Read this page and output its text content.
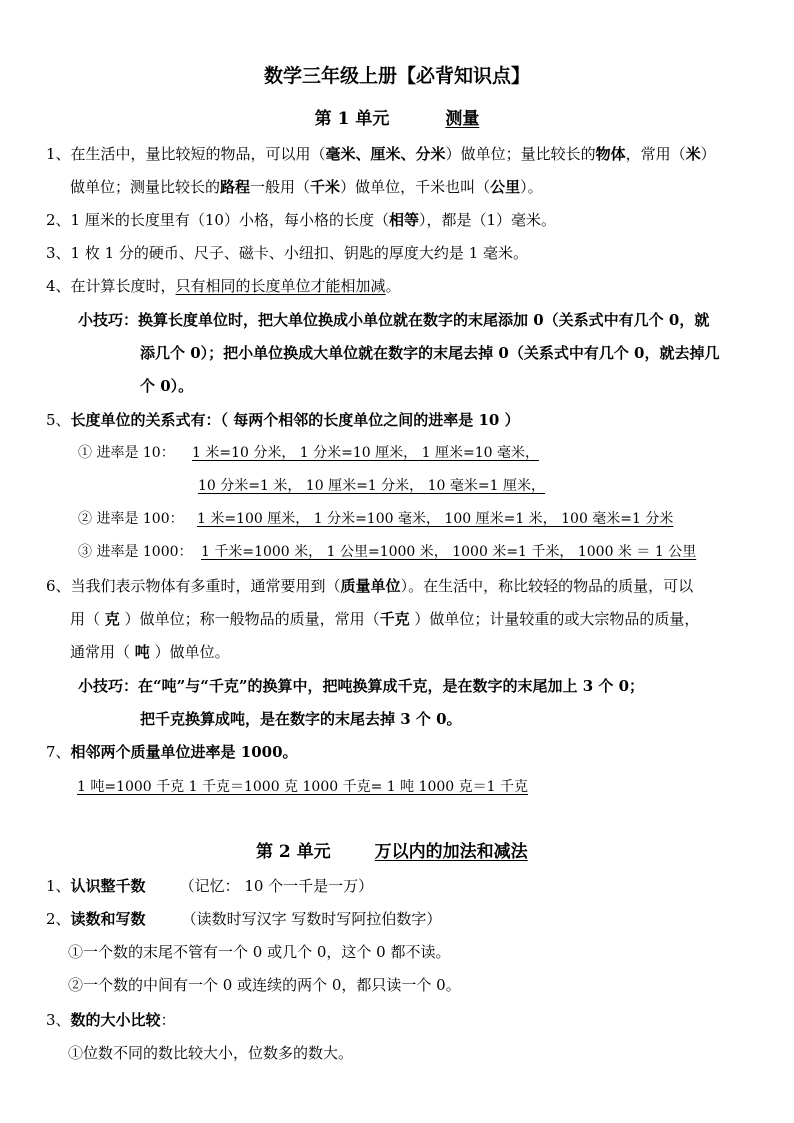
数学三年级上册【必背知识点】
第 1 单元	测量
1、在生活中，量比较短的物品，可以用（毫米、厘米、分米）做单位；量比较长的物体，常用（米）
做单位；测量比较长的路程一般用（千米）做单位，千米也叫（公里）。
2、1 厘米的长度里有（10）小格，每小格的长度（相等），都是（1）毫米。
3、1 枚 1 分的硬币、尺子、磁卡、小纽扣、钥匙的厚度大约是 1 毫米。
4、在计算长度时，只有相同的长度单位才能相加减。
小技巧：换算长度单位时，把大单位换成小单位就在数字的末尾添加 0（关系式中有几个 0，就
添几个 0）；把小单位换成大单位就在数字的末尾去掉 0（关系式中有几个 0，就去掉几
个 0）。
5、长度单位的关系式有：（ 每两个相邻的长度单位之间的进率是 10 ）
① 进率是 10： 1 米=10 分米， 1 分米=10 厘米， 1 厘米=10 毫米，
10 分米=1 米， 10 厘米=1 分米， 10 毫米=1 厘米，
② 进率是 100： 1 米=100 厘米， 1 分米=100 毫米， 100 厘米=1 米， 100 毫米=1 分米
③ 进率是 1000： 1 千米=1000 米， 1 公里=1000 米， 1000 米=1 千米， 1000 米 ＝ 1 公里
6、当我们表示物体有多重时，通常要用到（质量单位）。在生活中，称比较轻的物品的质量，可以
用（ 克 ）做单位；称一般物品的质量，常用（千克 ）做单位；计量较重的或大宗物品的质量，
通常用（ 吨 ）做单位。
小技巧：在“吨”与“千克”的换算中，把吨换算成千克，是在数字的末尾加上 3 个 0；
把千克换算成吨，是在数字的末尾去掉 3 个 0。
7、相邻两个质量单位进率是 1000。
1 吨=1000 千克 1 千克＝1000 克 1000 千克= 1 吨 1000 克＝1 千克
第 2 单元	万以内的加法和减法
1、认识整千数 （记忆： 10 个一千是一万）
2、读数和写数 （读数时写汉字 写数时写阿拉伯数字）
①一个数的末尾不管有一个 0 或几个 0，这个 0 都不读。
②一个数的中间有一个 0 或连续的两个 0，都只读一个 0。
3、数的大小比较：
①位数不同的数比较大小，位数多的数大。
